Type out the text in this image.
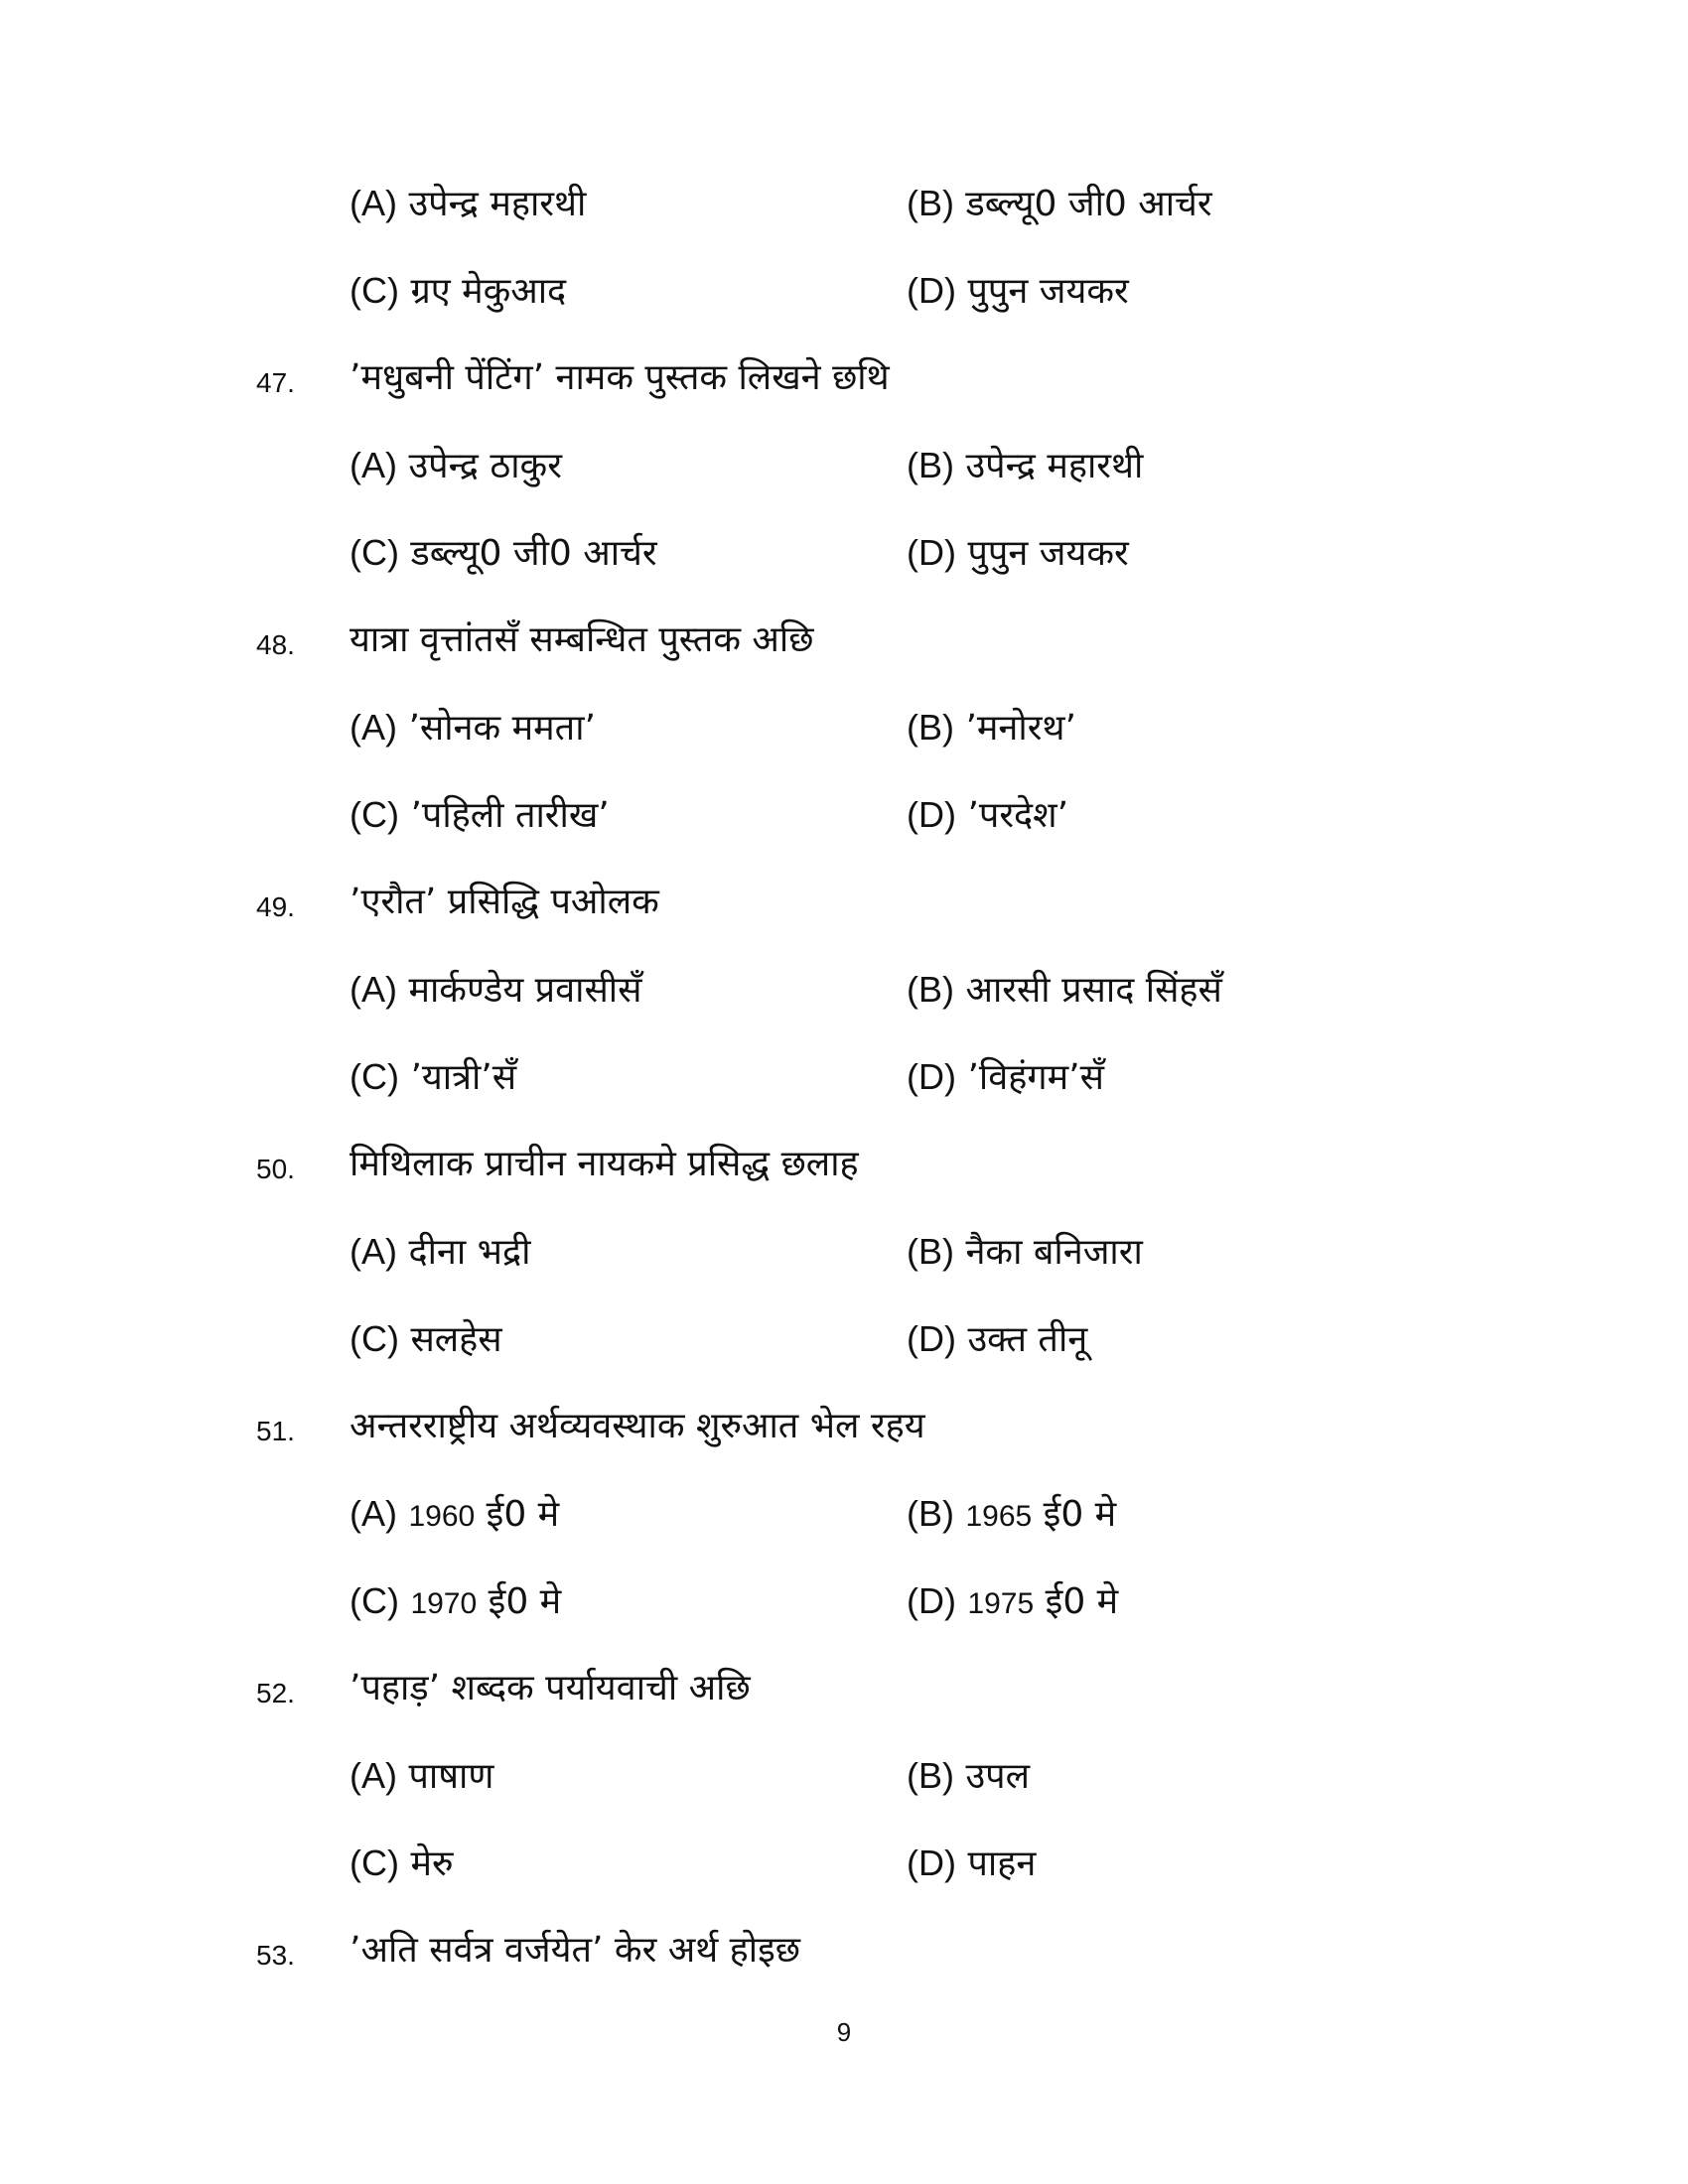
(A) उपेन्द्र महारथी	(B) डब्ल्यू0 जी0 आर्चर
(C) ग्रए मेकुआद	(D) पुपुन जयकर
47. ’मधुबनी पेंटिंग’ नामक पुस्तक लिखने छथि
(A) उपेन्द्र ठाकुर	(B) उपेन्द्र महारथी
(C) डब्ल्यू0 जी0 आर्चर	(D) पुपुन जयकर
48. यात्रा वृत्तांतसँ सम्बन्धित पुस्तक अछि
(A) ’सोनक ममता’	(B) ’मनोरथ’
(C) ’पहिली तारीख’	(D) ’परदेश’
49. ’एरौत’ प्रसिद्धि पओलक
(A) मार्कण्डेय प्रवासीसँ	(B) आरसी प्रसाद सिंहसँ
(C) ’यात्री’सँ	(D) ’विहंगम’सँ
50. मिथिलाक प्राचीन नायकमे प्रसिद्ध छलाह
(A) दीना भद्री	(B) नैका बनिजारा
(C) सलहेस	(D) उक्त तीनू
51. अन्तरराष्ट्रीय अर्थव्यवस्थाक शुरुआत भेल रहय
(A) 1960 ई0 मे	(B) 1965 ई0 मे
(C) 1970 ई0 मे	(D) 1975 ई0 मे
52. ’पहाड़’ शब्दक पर्यायवाची अछि
(A) पाषाण	(B) उपल
(C) मेरु	(D) पाहन
53. ’अति सर्वत्र वर्जयेत’ केर अर्थ होइछ
9
